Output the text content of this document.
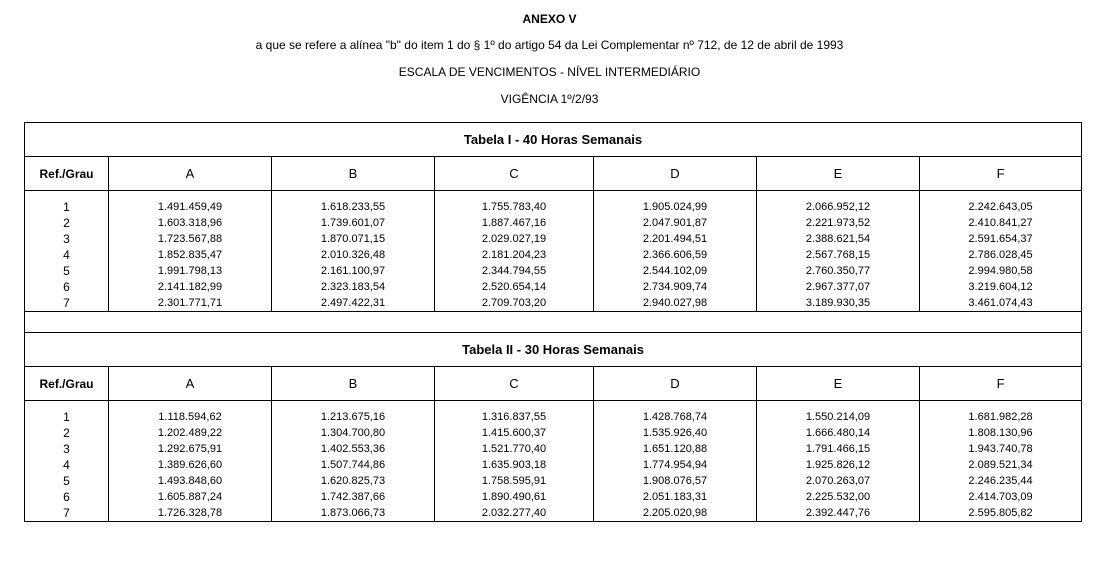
ANEXO V
a que se refere a alínea "b" do item 1 do § 1º do artigo 54 da Lei Complementar nº 712, de 12 de abril de 1993
ESCALA DE VENCIMENTOS - NÍVEL INTERMEDIÁRIO
VIGÊNCIA 1º/2/93
Tabela I - 40 Horas Semanais						
Ref./Grau	A	B	C	D	E	F

1	1.491.459,49	1.618.233,55	1.755.783,40	1.905.024,99	2.066.952,12	2.242.643,05
2	1.603.318,96	1.739.601,07	1.887.467,16	2.047.901,87	2.221.973,52	2.410.841,27
3	1.723.567,88	1.870.071,15	2.029.027,19	2.201.494,51	2.388.621,54	2.591.654,37
4	1.852.835,47	2.010.326,48	2.181.204,23	2.366.606,59	2.567.768,15	2.786.028,45
5	1.991.798,13	2.161.100,97	2.344.794,55	2.544.102,09	2.760.350,77	2.994.980,58
6	2.141.182,99	2.323.183,54	2.520.654,14	2.734.909,74	2.967.377,07	3.219.604,12
7	2.301.771,71	2.497.422,31	2.709.703,20	2.940.027,98	3.189.930,35	3.461.074,43

Tabela II - 30 Horas Semanais						
Ref./Grau	A	B	C	D	E	F

1	1.118.594,62	1.213.675,16	1.316.837,55	1.428.768,74	1.550.214,09	1.681.982,28
2	1.202.489,22	1.304.700,80	1.415.600,37	1.535.926,40	1.666.480,14	1.808.130,96
3	1.292.675,91	1.402.553,36	1.521.770,40	1.651.120,88	1.791.466,15	1.943.740,78
4	1.389.626,60	1.507.744,86	1.635.903,18	1.774.954,94	1.925.826,12	2.089.521,34
5	1.493.848,60	1.620.825,73	1.758.595,91	1.908.076,57	2.070.263,07	2.246.235,44
6	1.605.887,24	1.742.387,66	1.890.490,61	2.051.183,31	2.225.532,00	2.414.703,09
7	1.726.328,78	1.873.066,73	2.032.277,40	2.205.020,98	2.392.447,76	2.595.805,82
